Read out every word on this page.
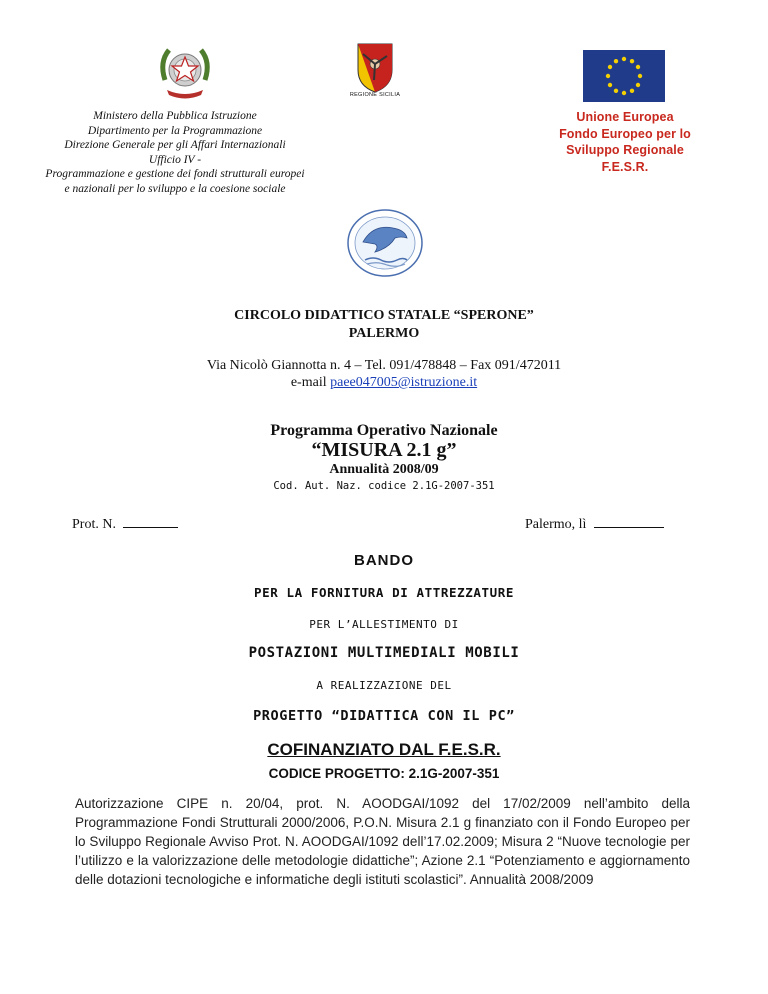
REGIONE SICILIA
Ministero della Pubblica Istruzione
Dipartimento per la Programmazione
Direzione Generale per gli Affari Internazionali
Ufficio IV -
Programmazione e gestione dei fondi strutturali europei
e nazionali per lo sviluppo e la coesione sociale
Unione Europea
Fondo Europeo per lo
Sviluppo Regionale
F.E.S.R.
CIRCOLO DIDATTICO STATALE “SPERONE”
PALERMO
Via Nicolò Giannotta n. 4 – Tel. 091/478848 – Fax 091/472011
e-mail paee047005@istruzione.it
Programma Operativo Nazionale
“MISURA 2.1 g”
Annualità 2008/09
Cod. Aut. Naz. codice 2.1G-2007-351
Prot. N.	Palermo, lì
BANDO
PER LA FORNITURA DI ATTREZZATURE
PER L’ALLESTIMENTO DI
POSTAZIONI MULTIMEDIALI MOBILI
A REALIZZAZIONE DEL
PROGETTO “DIDATTICA CON IL PC”
COFINANZIATO DAL F.E.S.R.
CODICE PROGETTO: 2.1G-2007-351
Autorizzazione CIPE n. 20/04, prot. N. AOODGAI/1092 del 17/02/2009 nell’ambito della Programmazione Fondi Strutturali 2000/2006, P.O.N. Misura 2.1 g finanziato con il Fondo Europeo per lo Sviluppo Regionale Avviso Prot. N. AOODGAI/1092 dell’17.02.2009; Misura 2 “Nuove tecnologie per l’utilizzo e la valorizzazione delle metodologie didattiche”; Azione 2.1 “Potenziamento e aggiornamento delle dotazioni tecnologiche e informatiche degli istituti scolastici”. Annualità 2008/2009
